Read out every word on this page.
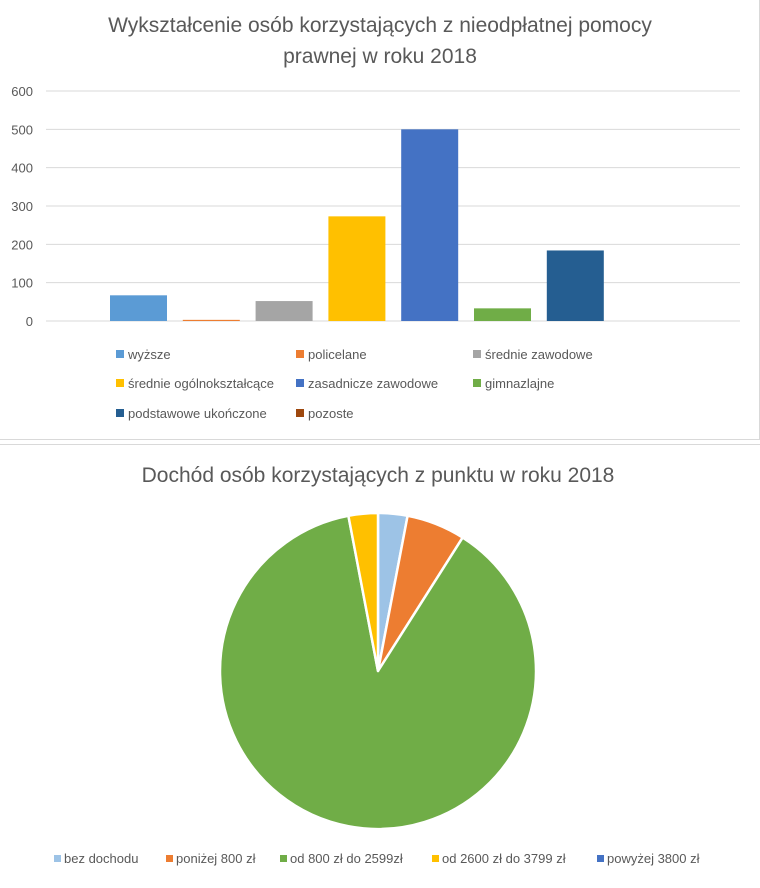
Wykształcenie osób korzystających z nieodpłatnej pomocy
prawnej w roku 2018
0
100
200
300
400
500
600
wyższe	policelane	średnie zawodowe
średnie ogólnokształcące	zasadnicze zawodowe	gimnazlajne
podstawowe ukończone	pozoste
Dochód osób korzystających z punktu w roku 2018
bez dochodu	poniżej 800 zł	od 800 zł do 2599zł	od 2600 zł do 3799 zł	powyżej 3800 zł
